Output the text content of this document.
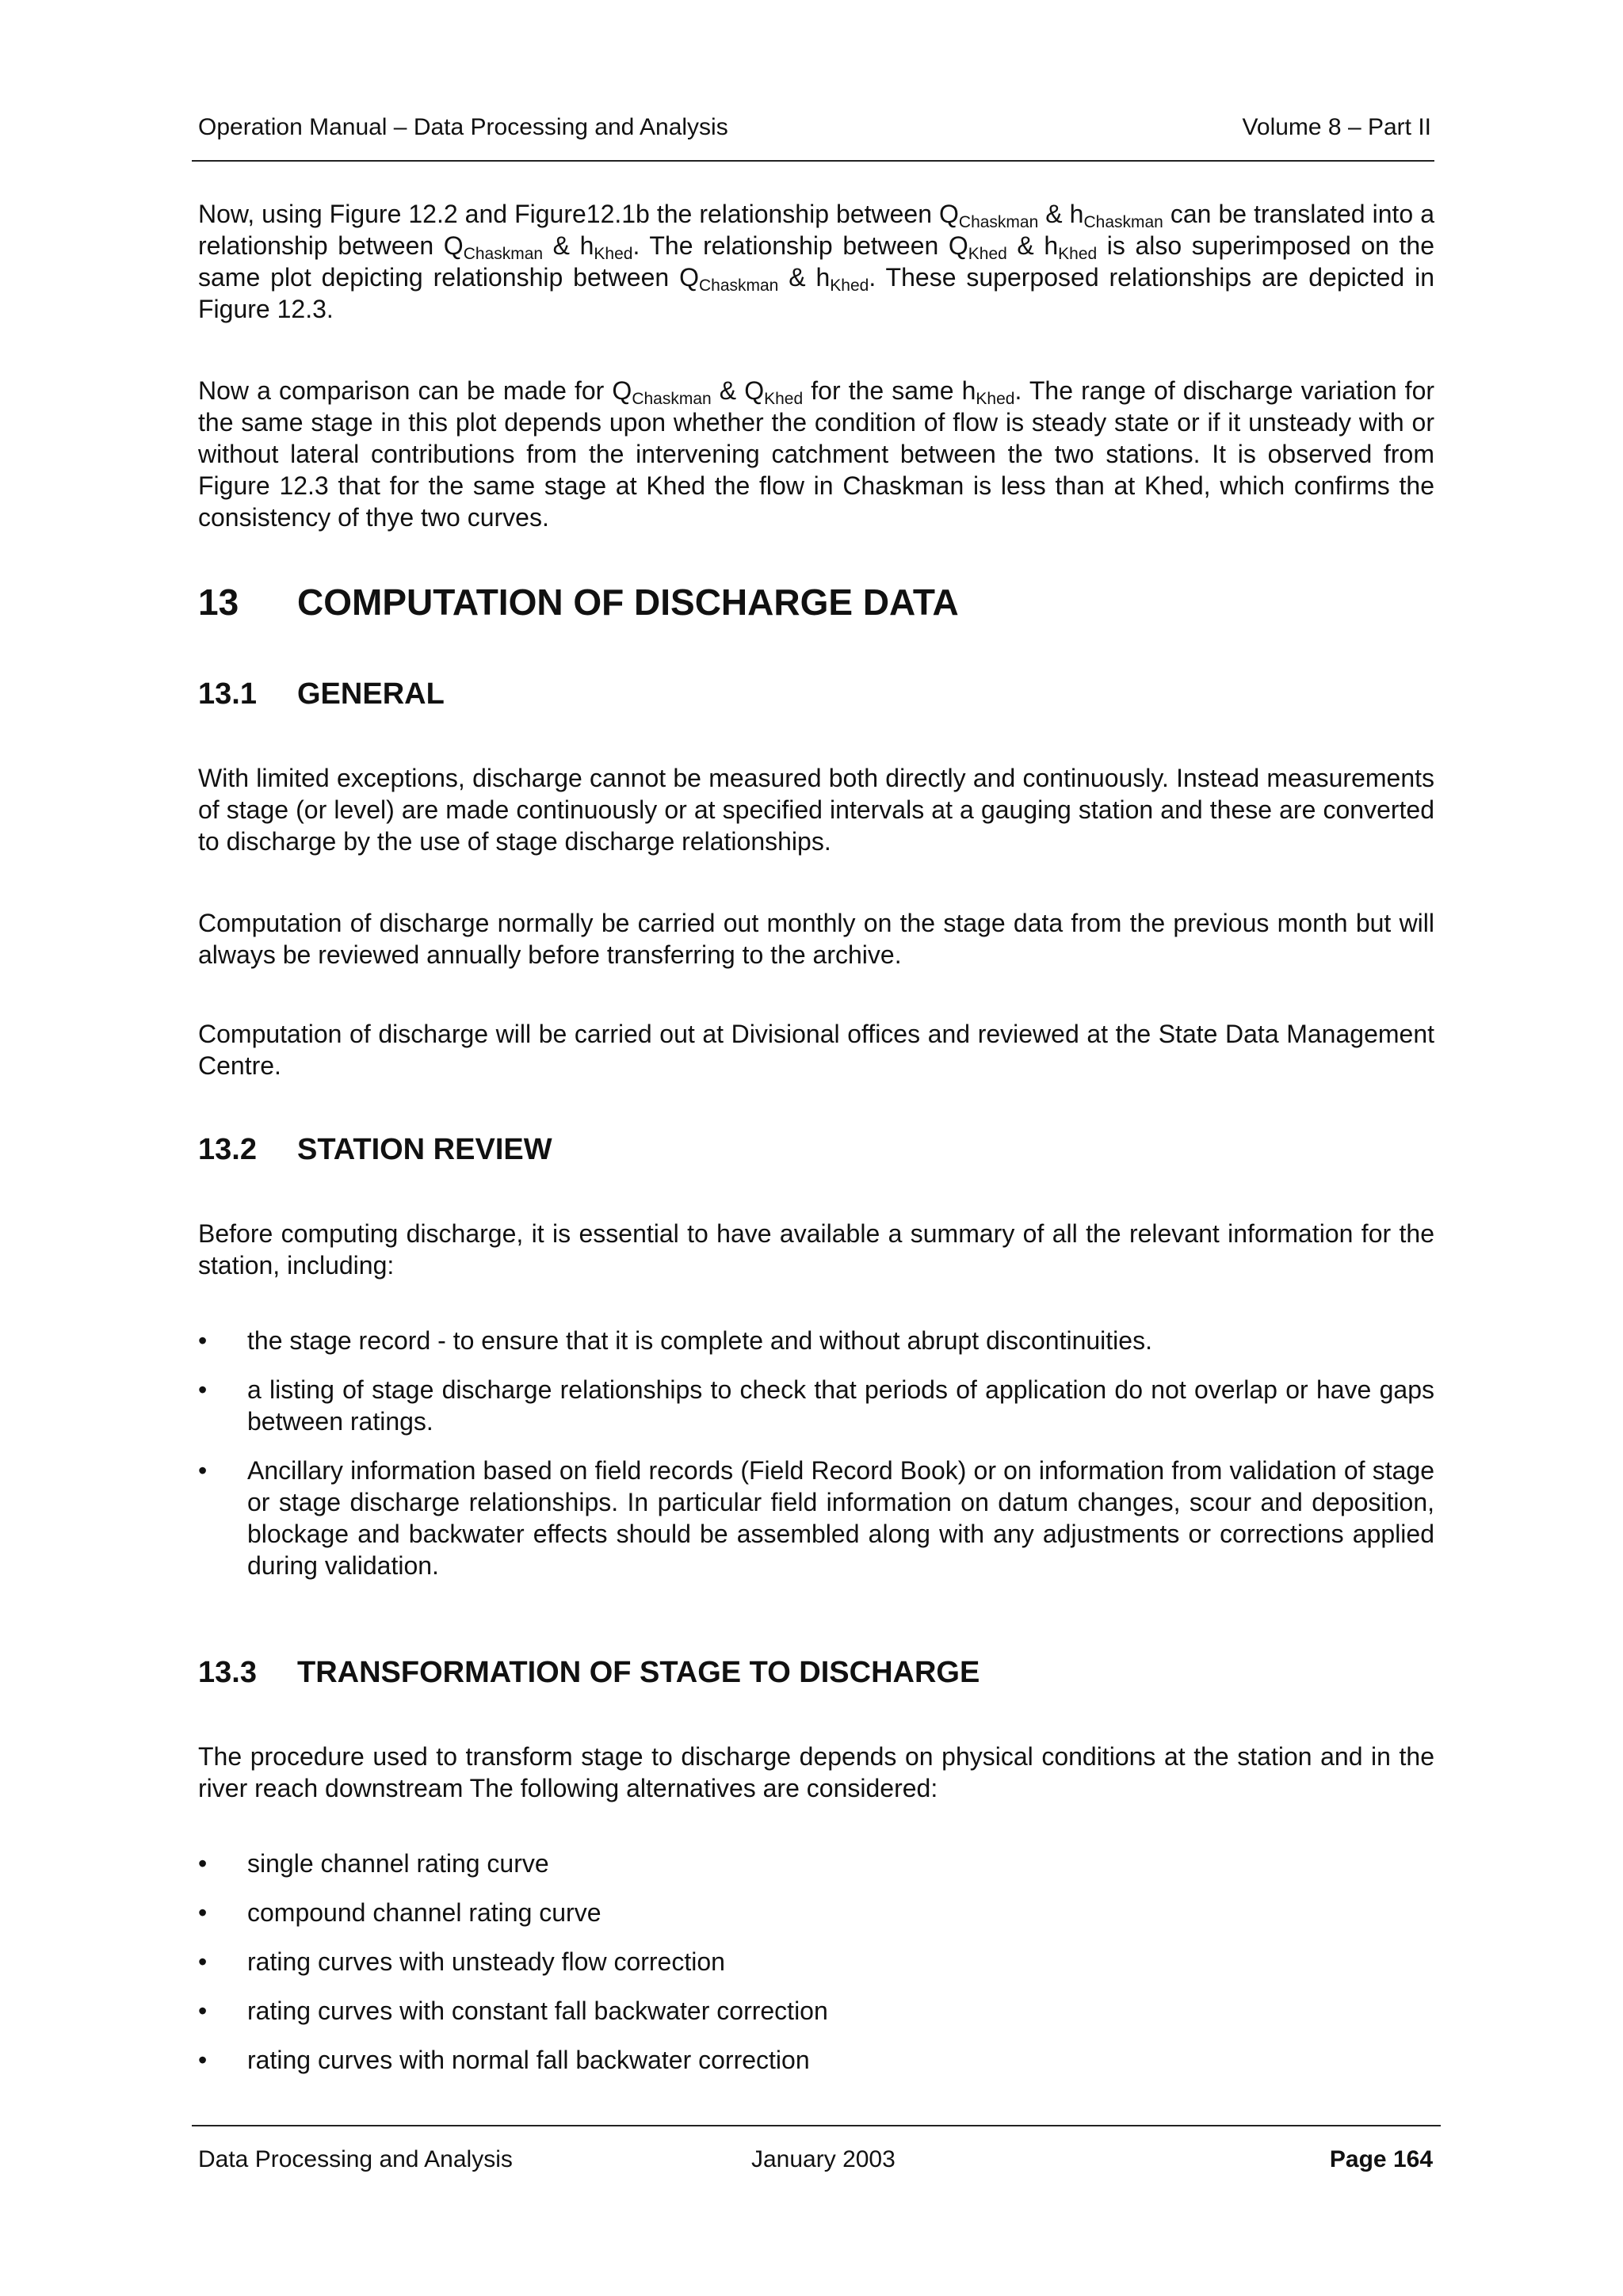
Operation Manual – Data Processing and Analysis	Volume 8 – Part II

Now, using Figure 12.2 and Figure12.1b the relationship between $Q_{Chaskman}$ & $h_{Chaskman}$ can be translated into a relationship between $Q_{Chaskman}$ & $h_{Khed}$. The relationship between $Q_{Khed}$ & $h_{Khed}$ is also superimposed on the same plot depicting relationship between $Q_{Chaskman}$ & $h_{Khed}$. These superposed relationships are depicted in Figure 12.3.

Now a comparison can be made for $Q_{Chaskman}$ & $Q_{Khed}$ for the same $h_{Khed}$. The range of discharge variation for the same stage in this plot depends upon whether the condition of flow is steady state or if it unsteady with or without lateral contributions from the intervening catchment between the two stations. It is observed from Figure 12.3 that for the same stage at Khed the flow in Chaskman is less than at Khed, which confirms the consistency of thye two curves.

13 COMPUTATION OF DISCHARGE DATA
13.1 GENERAL

With limited exceptions, discharge cannot be measured both directly and continuously. Instead measurements of stage (or level) are made continuously or at specified intervals at a gauging station and these are converted to discharge by the use of stage discharge relationships.

Computation of discharge normally be carried out monthly on the stage data from the previous month but will always be reviewed annually before transferring to the archive.

Computation of discharge will be carried out at Divisional offices and reviewed at the State Data Management Centre.

13.2 STATION REVIEW

Before computing discharge, it is essential to have available a summary of all the relevant information for the station, including:

•	the stage record - to ensure that it is complete and without abrupt discontinuities.
•	a listing of stage discharge relationships to check that periods of application do not overlap or have gaps between ratings.
•	Ancillary information based on field records (Field Record Book) or on information from validation of stage or stage discharge relationships. In particular field information on datum changes, scour and deposition, blockage and backwater effects should be assembled along with any adjustments or corrections applied during validation.
13.3 TRANSFORMATION OF STAGE TO DISCHARGE

The procedure used to transform stage to discharge depends on physical conditions at the station and in the river reach downstream The following alternatives are considered:

•	single channel rating curve
•	compound channel rating curve
•	rating curves with unsteady flow correction
•	rating curves with constant fall backwater correction
•	rating curves with normal fall backwater correction
Data Processing and Analysis	January 2003	Page 164
